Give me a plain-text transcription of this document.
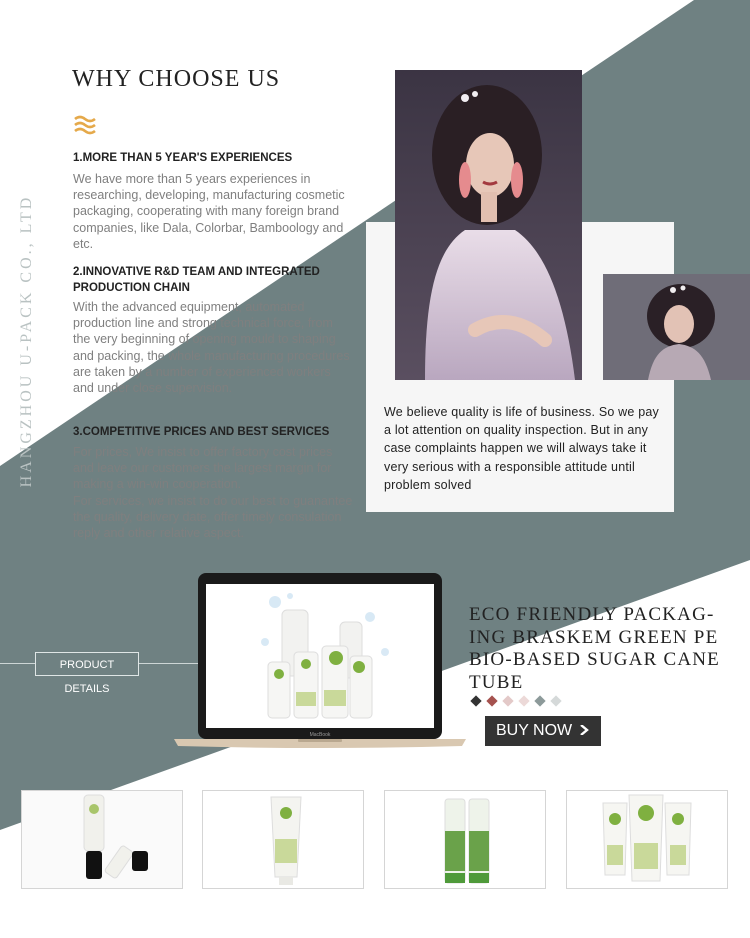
HANGZHOU U-PACK CO., LTD
WHY CHOOSE US
1.MORE THAN 5 YEAR'S EXPERIENCES
We have more than 5 years experiences in researching, developing, manufacturing cosmetic packaging, cooperating with many foreign brand companies, like Dala, Colorbar, Bamboology and etc.
2.INNOVATIVE R&D TEAM AND INTEGRATED PRODUCTION CHAIN
With the advanced equipment, automated production line and strong technical force, from the very beginning of opening mould to shaping and packing, the whole manufacturing procedures are taken by a number of experienced workers and under close supervision.
3.COMPETITIVE PRICES AND BEST SERVICES
For prices, We insist to offer factory cost prices and leave our customers the largest margin for making a win-win cooperation.
For services, we insist to do our best to guanantee the quality, delivery date, offer timely consulation reply and other relative aspect.
We believe quality is life of business. So we pay a lot attention on quality inspection. But in any case complaints happen we will always take it very serious with a responsible attitude until problem solved
PRODUCT DETAILS
MacBook
ECO FRIENDLY PACKAG-ING BRASKEM GREEN PE BIO-BASED SUGAR CANE TUBE
BUY NOW
